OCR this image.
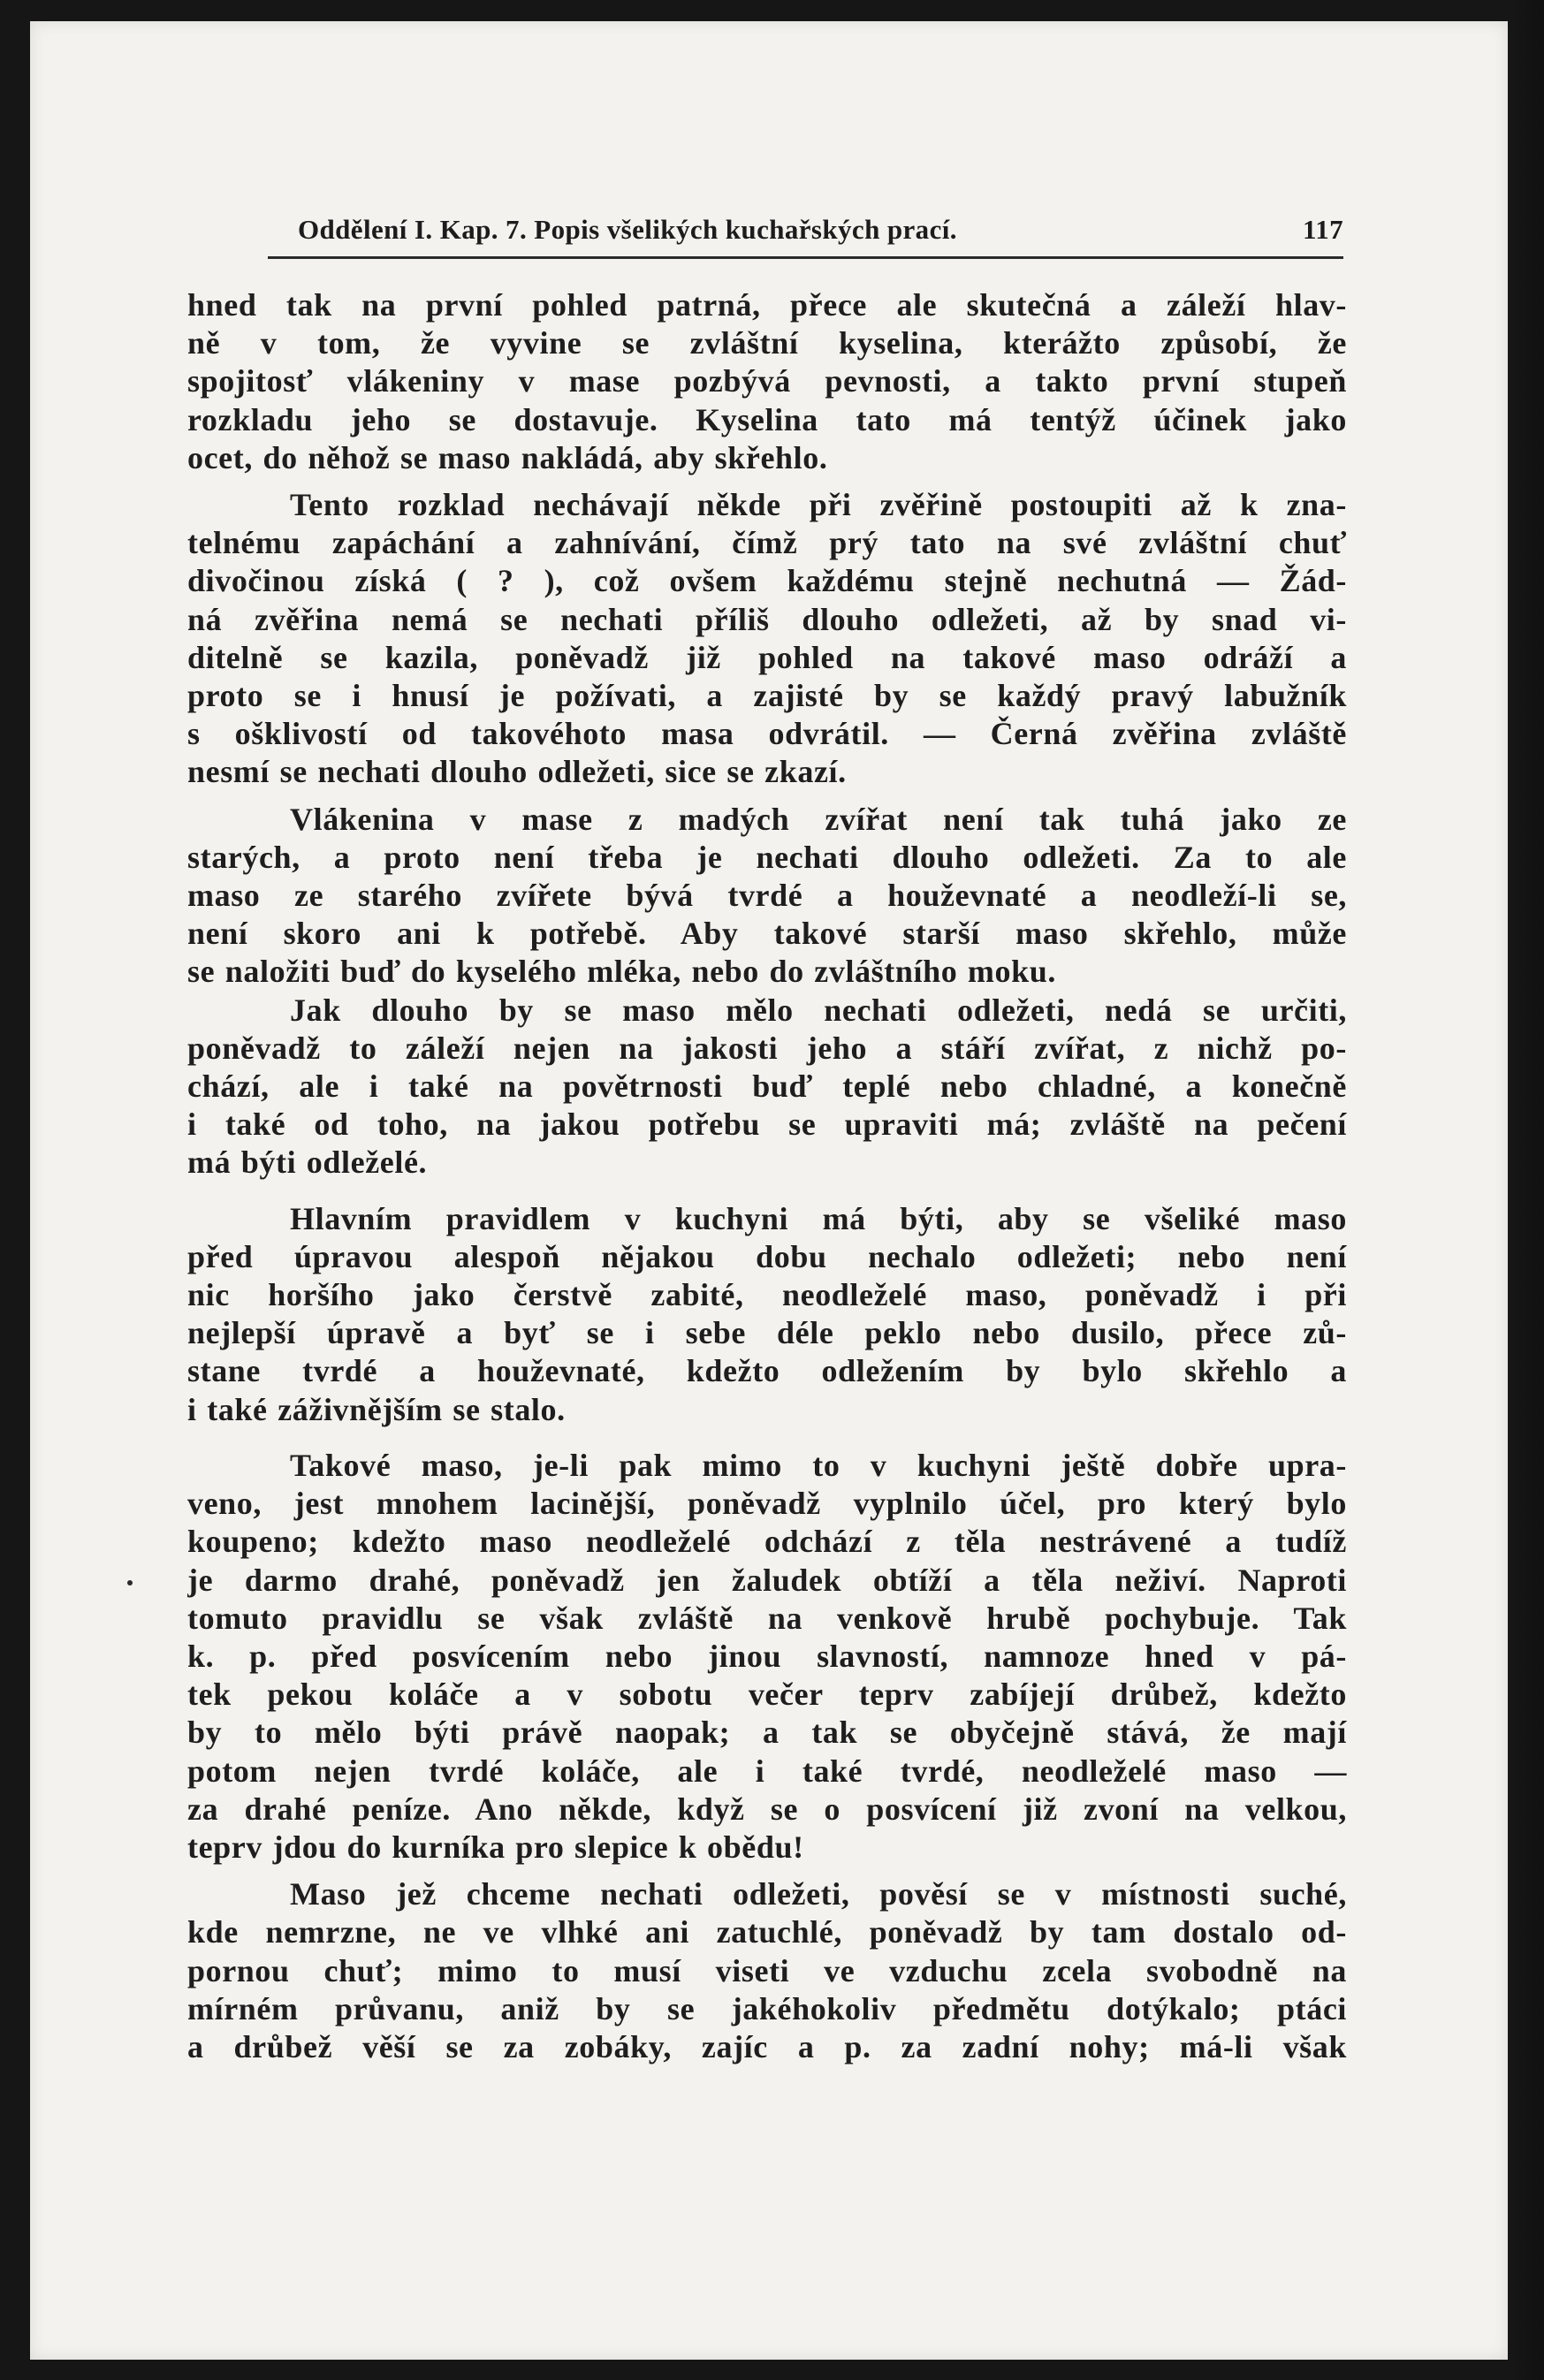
Oddělení I. Kap. 7. Popis všelikých kuchařských prací.	117
hned tak na první pohled patrná, přece ale skutečná a záleží hlav-
ně v tom, že vyvine se zvláštní kyselina, kterážto způsobí, že
spojitosť vlákeniny v mase pozbývá pevnosti, a takto první stupeň
rozkladu jeho se dostavuje. Kyselina tato má tentýž účinek jako
ocet, do něhož se maso nakládá, aby skřehlo.
Tento rozklad nechávají někde při zvěřině postoupiti až k zna-
telnému zapáchání a zahnívání, čímž prý tato na své zvláštní chuť
divočinou získá ( ? ), což ovšem každému stejně nechutná — Žád-
ná zvěřina nemá se nechati příliš dlouho odležeti, až by snad vi-
ditelně se kazila, poněvadž již pohled na takové maso odráží a
proto se i hnusí je požívati, a zajisté by se každý pravý labužník
s ošklivostí od takovéhoto masa odvrátil. — Černá zvěřina zvláště
nesmí se nechati dlouho odležeti, sice se zkazí.
Vlákenina v mase z madých zvířat není tak tuhá jako ze
starých, a proto není třeba je nechati dlouho odležeti. Za to ale
maso ze starého zvířete bývá tvrdé a houževnaté a neodleží-li se,
není skoro ani k potřebě. Aby takové starší maso skřehlo, může
se naložiti buď do kyselého mléka, nebo do zvláštního moku.
Jak dlouho by se maso mělo nechati odležeti, nedá se určiti,
poněvadž to záleží nejen na jakosti jeho a stáří zvířat, z nichž po-
chází, ale i také na povětrnosti buď teplé nebo chladné, a konečně
i také od toho, na jakou potřebu se upraviti má; zvláště na pečení
má býti odleželé.
Hlavním pravidlem v kuchyni má býti, aby se všeliké maso
před úpravou alespoň nějakou dobu nechalo odležeti; nebo není
nic horšího jako čerstvě zabité, neodleželé maso, poněvadž i při
nejlepší úpravě a byť se i sebe déle peklo nebo dusilo, přece zů-
stane tvrdé a houževnaté, kdežto odležením by bylo skřehlo a
i také záživnějším se stalo.
Takové maso, je-li pak mimo to v kuchyni ještě dobře upra-
veno, jest mnohem lacinější, poněvadž vyplnilo účel, pro který bylo
koupeno; kdežto maso neodleželé odchází z těla nestrávené a tudíž
je darmo drahé, poněvadž jen žaludek obtíží a těla neživí. Naproti
tomuto pravidlu se však zvláště na venkově hrubě pochybuje. Tak
k. p. před posvícením nebo jinou slavností, namnoze hned v pá-
tek pekou koláče a v sobotu večer teprv zabíjejí drůbež, kdežto
by to mělo býti právě naopak; a tak se obyčejně stává, že mají
potom nejen tvrdé koláče, ale i také tvrdé, neodleželé maso —
za drahé peníze. Ano někde, když se o posvícení již zvoní na velkou,
teprv jdou do kurníka pro slepice k obědu!
Maso jež chceme nechati odležeti, pověsí se v místnosti suché,
kde nemrzne, ne ve vlhké ani zatuchlé, poněvadž by tam dostalo od-
pornou chuť; mimo to musí viseti ve vzduchu zcela svobodně na
mírném průvanu, aniž by se jakéhokoliv předmětu dotýkalo; ptáci
a drůbež věší se za zobáky, zajíc a p. za zadní nohy; má-li však
